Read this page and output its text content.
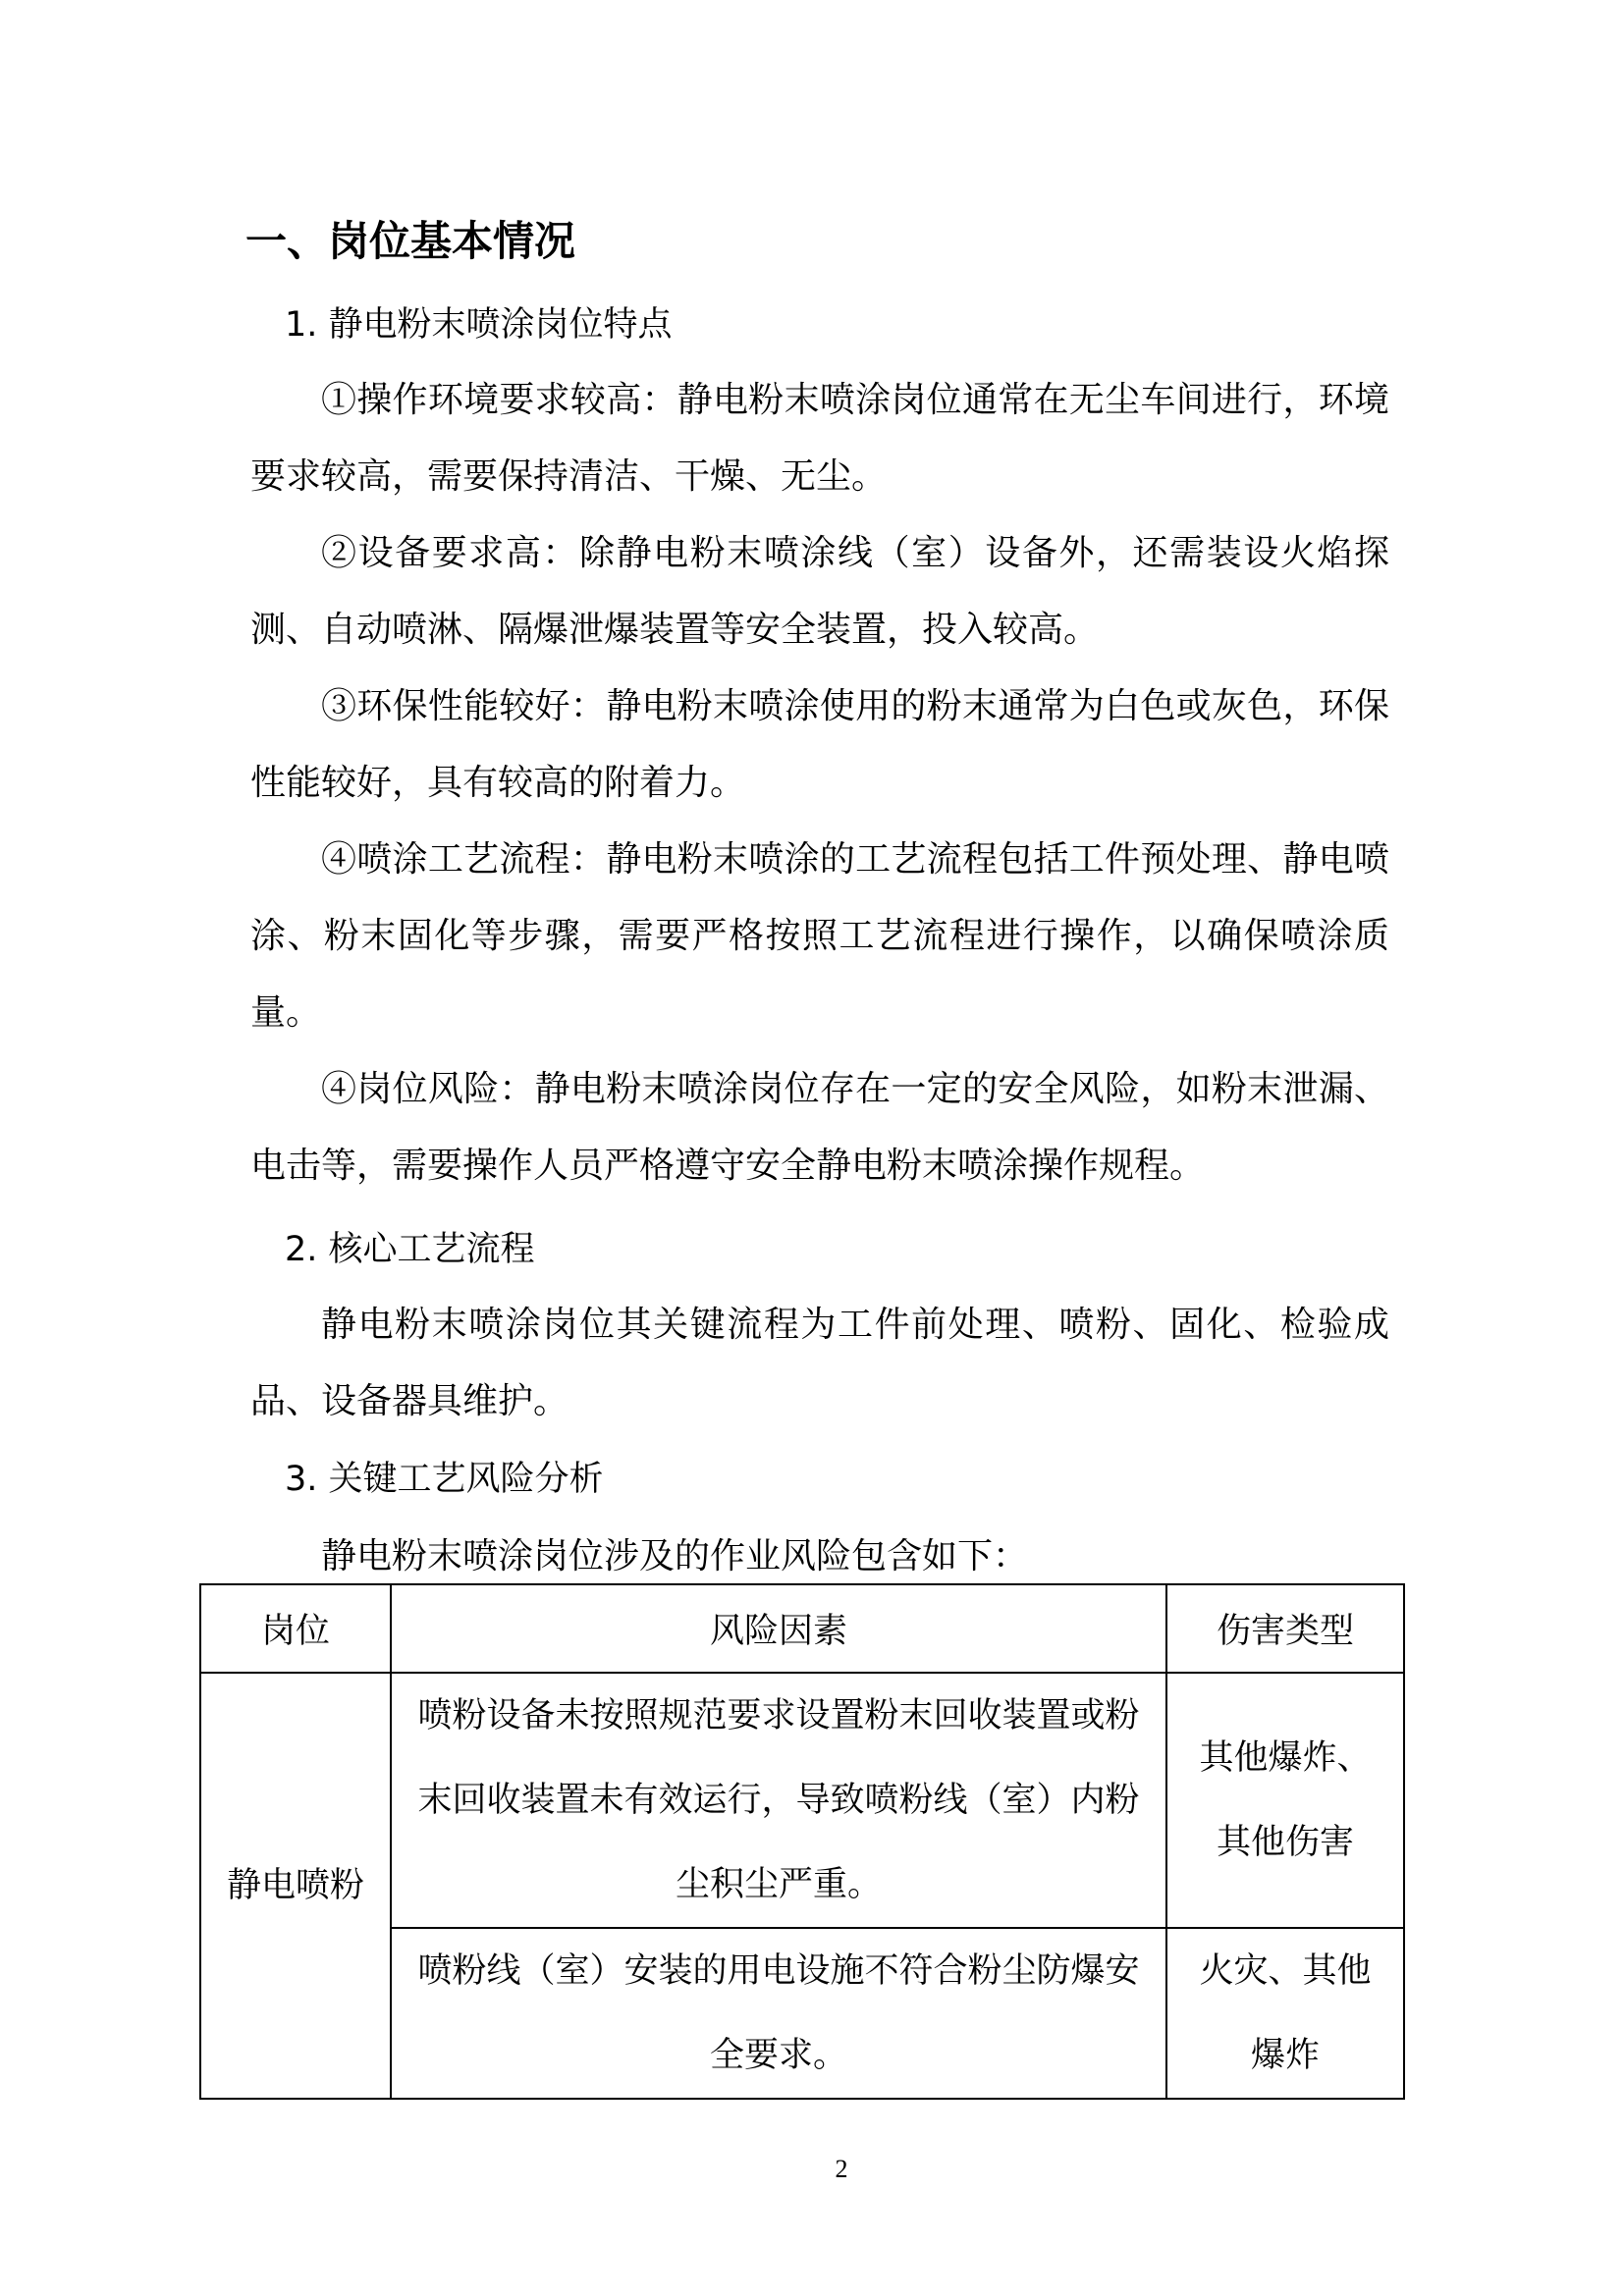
一、岗位基本情况

1. 静电粉末喷涂岗位特点

①操作环境要求较高：静电粉末喷涂岗位通常在无尘车间进行，环境要求较高，需要保持清洁、干燥、无尘。

②设备要求高：除静电粉末喷涂线（室）设备外，还需装设火焰探测、自动喷淋、隔爆泄爆装置等安全装置，投入较高。

③环保性能较好：静电粉末喷涂使用的粉末通常为白色或灰色，环保性能较好，具有较高的附着力。

④喷涂工艺流程：静电粉末喷涂的工艺流程包括工件预处理、静电喷涂、粉末固化等步骤，需要严格按照工艺流程进行操作，以确保喷涂质量。

④岗位风险：静电粉末喷涂岗位存在一定的安全风险，如粉末泄漏、电击等，需要操作人员严格遵守安全静电粉末喷涂操作规程。

2. 核心工艺流程

静电粉末喷涂岗位其关键流程为工件前处理、喷粉、固化、检验成品、设备器具维护。

3. 关键工艺风险分析

静电粉末喷涂岗位涉及的作业风险包含如下：

岗位	风险因素	伤害类型
静电喷粉	喷粉设备未按照规范要求设置粉末回收装置或粉末回收装置未有效运行，导致喷粉线（室）内粉尘积尘严重。	其他爆炸、其他伤害
	喷粉线（室）安装的用电设施不符合粉尘防爆安全要求。	火灾、其他爆炸
2
